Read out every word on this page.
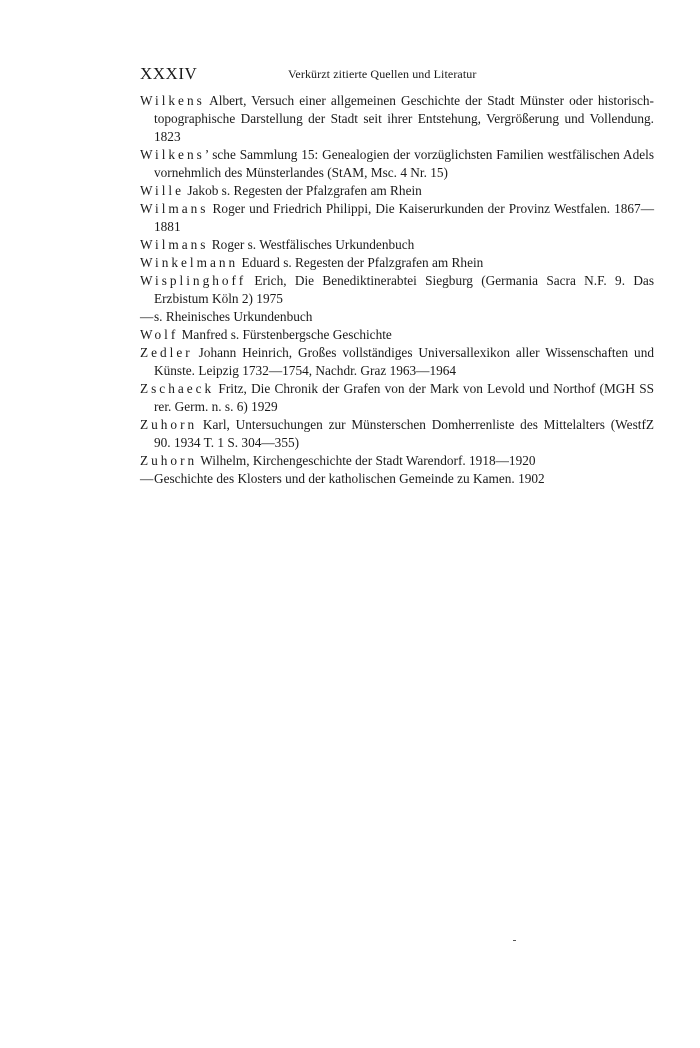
XXXIV	Verkürzt zitierte Quellen und Literatur

Wilkens Albert, Versuch einer allgemeinen Geschichte der Stadt Münster oder historisch-topographische Darstellung der Stadt seit ihrer Entstehung, Vergrößerung und Vollendung. 1823

Wilkens’sche Sammlung 15: Genealogien der vorzüglichsten Familien westfälischen Adels vornehmlich des Münsterlandes (StAM, Msc. 4 Nr. 15)

Wille Jakob s. Regesten der Pfalzgrafen am Rhein

Wilmans Roger und Friedrich Philippi, Die Kaiserurkunden der Provinz Westfalen. 1867—1881

Wilmans Roger s. Westfälisches Urkundenbuch

Winkelmann Eduard s. Regesten der Pfalzgrafen am Rhein

Wisplinghoff Erich, Die Benediktinerabtei Siegburg (Germania Sacra N.F. 9. Das Erzbistum Köln 2) 1975

—s. Rheinisches Urkundenbuch

Wolf Manfred s. Fürstenbergsche Geschichte

Zedler Johann Heinrich, Großes vollständiges Universallexikon aller Wissenschaften und Künste. Leipzig 1732—1754, Nachdr. Graz 1963—1964

Zschaeck Fritz, Die Chronik der Grafen von der Mark von Levold und Northof (MGH SS rer. Germ. n. s. 6) 1929

Zuhorn Karl, Untersuchungen zur Münsterschen Domherrenliste des Mittelalters (WestfZ 90. 1934 T. 1 S. 304—355)

Zuhorn Wilhelm, Kirchengeschichte der Stadt Warendorf. 1918—1920

—Geschichte des Klosters und der katholischen Gemeinde zu Kamen. 1902
